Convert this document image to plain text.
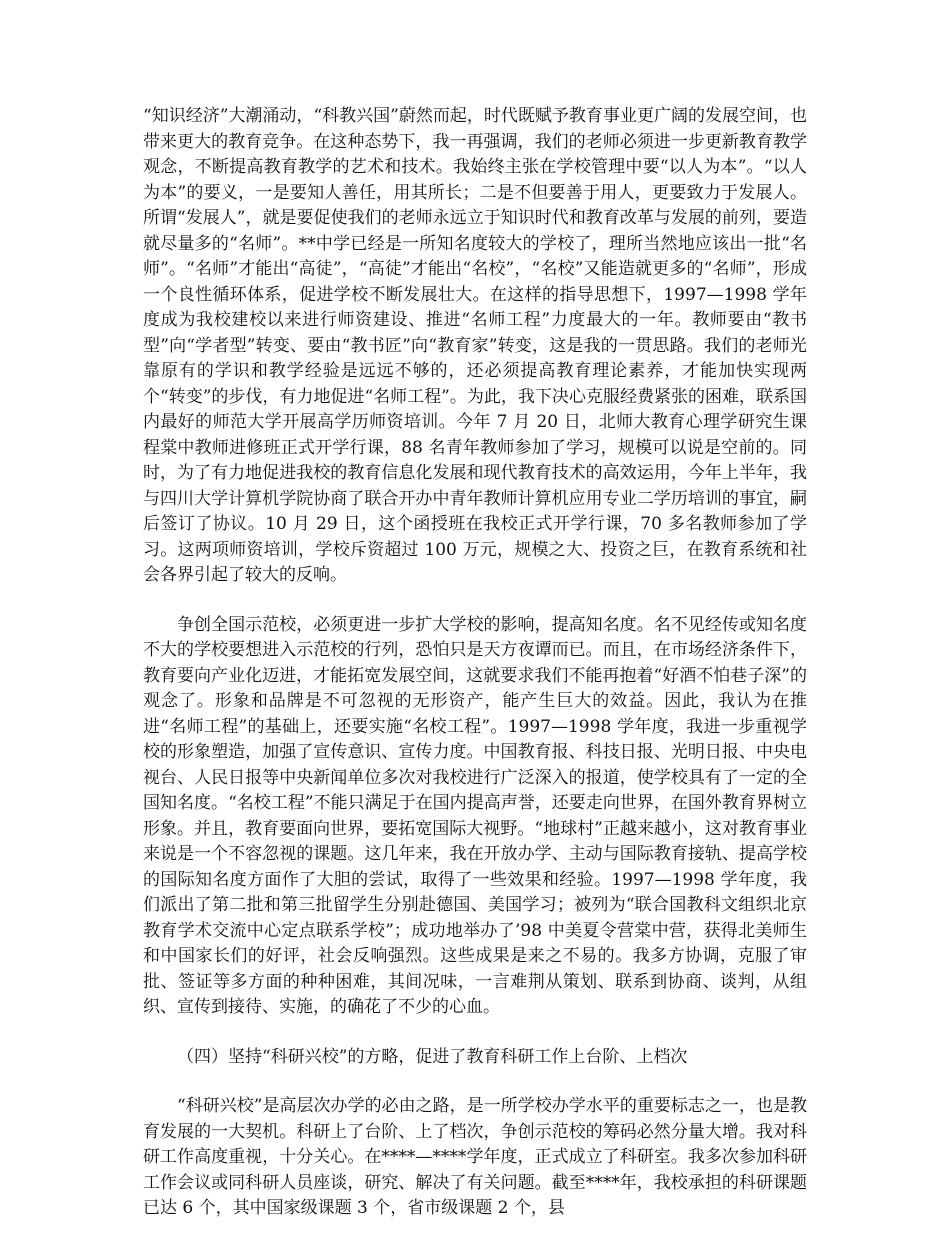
“知识经济”大潮涌动，“科教兴国”蔚然而起，时代既赋予教育事业更广阔的发展空间，也带来更大的教育竞争。在这种态势下，我一再强调，我们的老师必须进一步更新教育教学观念，不断提高教育教学的艺术和技术。我始终主张在学校管理中要“以人为本”。“以人为本”的要义，一是要知人善任，用其所长；二是不但要善于用人，更要致力于发展人。所谓“发展人”，就是要促使我们的老师永远立于知识时代和教育改革与发展的前列，要造就尽量多的“名师”。**中学已经是一所知名度较大的学校了，理所当然地应该出一批“名师”。“名师”才能出“高徒”，“高徒”才能出“名校”，“名校”又能造就更多的“名师”，形成一个良性循环体系，促进学校不断发展壮大。在这样的指导思想下，1997—1998 学年度成为我校建校以来进行师资建设、推进“名师工程”力度最大的一年。教师要由“教书型”向“学者型”转变、要由“教书匠”向“教育家”转变，这是我的一贯思路。我们的老师光靠原有的学识和教学经验是远远不够的，还必须提高教育理论素养，才能加快实现两个“转变”的步伐，有力地促进“名师工程”。为此，我下决心克服经费紧张的困难，联系国内最好的师范大学开展高学历师资培训。今年 7 月 20 日，北师大教育心理学研究生课程棠中教师进修班正式开学行课，88 名青年教师参加了学习，规模可以说是空前的。同时，为了有力地促进我校的教育信息化发展和现代教育技术的高效运用，今年上半年，我与四川大学计算机学院协商了联合开办中青年教师计算机应用专业二学历培训的事宜，嗣后签订了协议。10 月 29 日，这个函授班在我校正式开学行课，70 多名教师参加了学习。这两项师资培训，学校斥资超过 100 万元，规模之大、投资之巨，在教育系统和社会各界引起了较大的反响。

争创全国示范校，必须更进一步扩大学校的影响，提高知名度。名不见经传或知名度不大的学校要想进入示范校的行列，恐怕只是天方夜谭而已。而且，在市场经济条件下，教育要向产业化迈进，才能拓宽发展空间，这就要求我们不能再抱着“好酒不怕巷子深”的观念了。形象和品牌是不可忽视的无形资产，能产生巨大的效益。因此，我认为在推进“名师工程”的基础上，还要实施“名校工程”。1997—1998 学年度，我进一步重视学校的形象塑造，加强了宣传意识、宣传力度。中国教育报、科技日报、光明日报、中央电视台、人民日报等中央新闻单位多次对我校进行广泛深入的报道，使学校具有了一定的全国知名度。“名校工程”不能只满足于在国内提高声誉，还要走向世界，在国外教育界树立形象。并且，教育要面向世界，要拓宽国际大视野。“地球村”正越来越小，这对教育事业来说是一个不容忽视的课题。这几年来，我在开放办学、主动与国际教育接轨、提高学校的国际知名度方面作了大胆的尝试，取得了一些效果和经验。1997—1998 学年度，我们派出了第二批和第三批留学生分别赴德国、美国学习；被列为“联合国教科文组织北京教育学术交流中心定点联系学校”；成功地举办了’98 中美夏令营棠中营，获得北美师生和中国家长们的好评，社会反响强烈。这些成果是来之不易的。我多方协调，克服了审批、签证等多方面的种种困难，其间况味，一言难荆从策划、联系到协商、谈判，从组织、宣传到接待、实施，的确花了不少的心血。

（四）坚持“科研兴校”的方略，促进了教育科研工作上台阶、上档次

“科研兴校”是高层次办学的必由之路，是一所学校办学水平的重要标志之一，也是教育发展的一大契机。科研上了台阶、上了档次，争创示范校的筹码必然分量大增。我对科研工作高度重视，十分关心。在****—****学年度，正式成立了科研室。我多次参加科研工作会议或同科研人员座谈，研究、解决了有关问题。截至****年，我校承担的科研课题已达 6 个，其中国家级课题 3 个，省市级课题 2 个，县
